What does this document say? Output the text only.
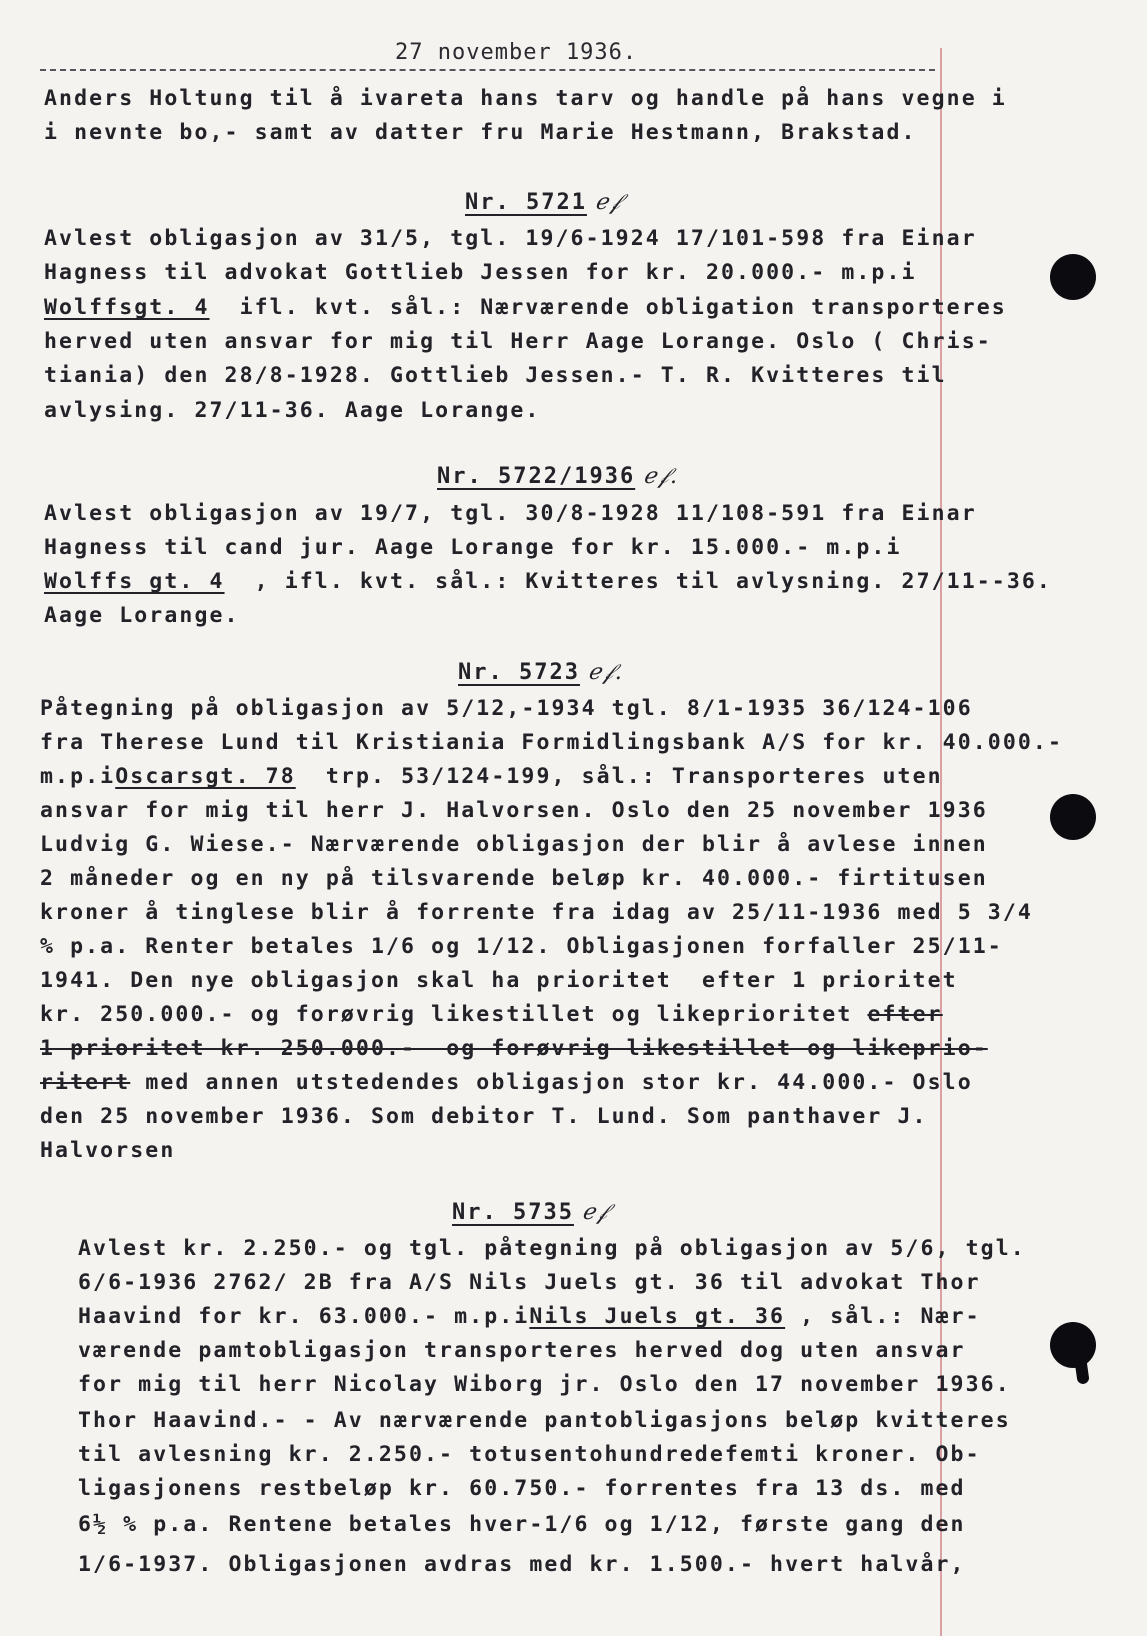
27 november 1936.
Anders Holtung til å ivareta hans tarv og handle på hans vegne i
i nevnte bo,- samt av datter fru Marie Hestmann, Brakstad.
Nr. 5721 ℯ𝒻
Avlest obligasjon av 31/5, tgl. 19/6-1924 17/101-598 fra Einar
Hagness til advokat Gottlieb Jessen for kr. 20.000.- m.p.i
Wolffsgt. 4 ifl. kvt. sål.: Nærværende obligation transporteres
herved uten ansvar for mig til Herr Aage Lorange. Oslo ( Chris-
tiania) den 28/8-1928. Gottlieb Jessen.- T. R. Kvitteres til
avlysing. 27/11-36. Aage Lorange.
Nr. 5722/1936 ℯ𝒻.
Avlest obligasjon av 19/7, tgl. 30/8-1928 11/108-591 fra Einar
Hagness til cand jur. Aage Lorange for kr. 15.000.- m.p.i
Wolffs gt. 4 , ifl. kvt. sål.: Kvitteres til avlysning. 27/11--36.
Aage Lorange.
Nr. 5723 ℯ𝒻.
Påtegning på obligasjon av 5/12,-1934 tgl. 8/1-1935 36/124-106
fra Therese Lund til Kristiania Formidlingsbank A/S for kr. 40.000.-
m.p.iOscarsgt. 78 trp. 53/124-199, sål.: Transporteres uten
ansvar for mig til herr J. Halvorsen. Oslo den 25 november 1936
Ludvig G. Wiese.- Nærværende obligasjon der blir å avlese innen
2 måneder og en ny på tilsvarende beløp kr. 40.000.- firtitusen
kroner å tinglese blir å forrente fra idag av 25/11-1936 med 5 3/4
% p.a. Renter betales 1/6 og 1/12. Obligasjonen forfaller 25/11-
1941. Den nye obligasjon skal ha prioritet  efter 1 prioritet
kr. 250.000.- og forøvrig likestillet og likeprioritet efter
1 prioritet kr. 250.000.-  og forøvrig likestillet og likeprio-
ritert med annen utstedendes obligasjon stor kr. 44.000.- Oslo
den 25 november 1936. Som debitor T. Lund. Som panthaver J.
Halvorsen
Nr. 5735 ℯ𝒻
Avlest kr. 2.250.- og tgl. påtegning på obligasjon av 5/6, tgl.
6/6-1936 2762/ 2B fra A/S Nils Juels gt. 36 til advokat Thor
Haavind for kr. 63.000.- m.p.iNils Juels gt. 36 , sål.: Nær-
værende pamtobligasjon transporteres herved dog uten ansvar
for mig til herr Nicolay Wiborg jr. Oslo den 17 november 1936.
Thor Haavind.- - Av nærværende pantobligasjons beløp kvitteres
til avlesning kr. 2.250.- totusentohundredefemti kroner. Ob-
ligasjonens restbeløp kr. 60.750.- forrentes fra 13 ds. med
6½ % p.a. Rentene betales hver-1/6 og 1/12, første gang den
1/6-1937. Obligasjonen avdras med kr. 1.500.- hvert halvår,
